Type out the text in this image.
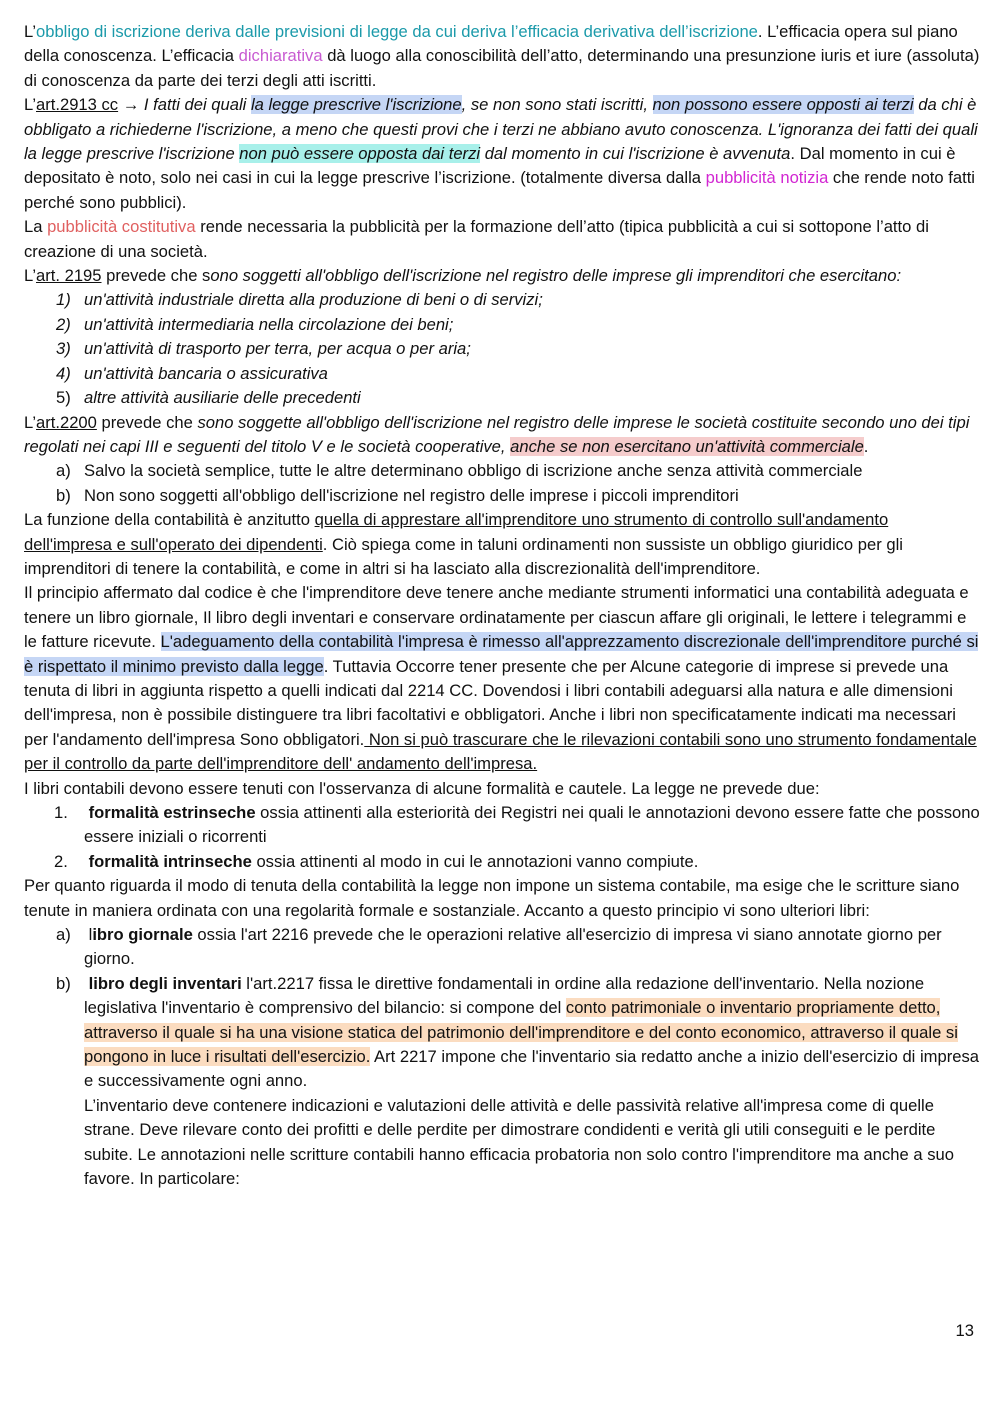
L’obbligo di iscrizione deriva dalle previsioni di legge da cui deriva l’efficacia derivativa dell’iscrizione. L’efficacia opera sul piano della conoscenza. L’efficacia dichiarativa dà luogo alla conoscibilità dell’atto, determinando una presunzione iuris et iure (assoluta) di conoscenza da parte dei terzi degli atti iscritti.

L’art.2913 cc → I fatti dei quali la legge prescrive l'iscrizione, se non sono stati iscritti, non possono essere opposti ai terzi da chi è obbligato a richiederne l'iscrizione, a meno che questi provi che i terzi ne abbiano avuto conoscenza. L'ignoranza dei fatti dei quali la legge prescrive l'iscrizione non può essere opposta dai terzi dal momento in cui l'iscrizione è avvenuta. Dal momento in cui è depositato è noto, solo nei casi in cui la legge prescrive l’iscrizione. (totalmente diversa dalla pubblicità notizia che rende noto fatti perché sono pubblici).

La pubblicità costitutiva rende necessaria la pubblicità per la formazione dell’atto (tipica pubblicità a cui si sottopone l’atto di creazione di una società.

L’art. 2195 prevede che sono soggetti all'obbligo dell'iscrizione nel registro delle imprese gli imprenditori che esercitano:

1) un'attività industriale diretta alla produzione di beni o di servizi;
2) un'attività intermediaria nella circolazione dei beni;
3) un'attività di trasporto per terra, per acqua o per aria;
4) un'attività bancaria o assicurativa
5) altre attività ausiliarie delle precedenti

L’art.2200 prevede che sono soggette all'obbligo dell'iscrizione nel registro delle imprese le società costituite secondo uno dei tipi regolati nei capi III e seguenti del titolo V e le società cooperative, anche se non esercitano un'attività commerciale.

a) Salvo la società semplice, tutte le altre determinano obbligo di iscrizione anche senza attività commerciale
b) Non sono soggetti all'obbligo dell'iscrizione nel registro delle imprese i piccoli imprenditori

La funzione della contabilità è anzitutto quella di apprestare all'imprenditore uno strumento di controllo sull'andamento dell'impresa e sull'operato dei dipendenti. Ciò spiega come in taluni ordinamenti non sussiste un obbligo giuridico per gli imprenditori di tenere la contabilità, e come in altri si ha lasciato alla discrezionalità dell'imprenditore.

Il principio affermato dal codice è che l'imprenditore deve tenere anche mediante strumenti informatici una contabilità adeguata e tenere un libro giornale, Il libro degli inventari e conservare ordinatamente per ciascun affare gli originali, le lettere i telegrammi e le fatture ricevute. L'adeguamento della contabilità l'impresa è rimesso all'apprezzamento discrezionale dell'imprenditore purché si è rispettato il minimo previsto dalla legge. Tuttavia Occorre tener presente che per Alcune categorie di imprese si prevede una tenuta di libri in aggiunta rispetto a quelli indicati dal 2214 CC. Dovendosi i libri contabili adeguarsi alla natura e alle dimensioni dell'impresa, non è possibile distinguere tra libri facoltativi e obbligatori. Anche i libri non specificatamente indicati ma necessari per l'andamento dell'impresa Sono obbligatori. Non si può trascurare che le rilevazioni contabili sono uno strumento fondamentale per il controllo da parte dell'imprenditore dell' andamento dell'impresa.

I libri contabili devono essere tenuti con l'osservanza di alcune formalità e cautele. La legge ne prevede due:

1. formalità estrinseche ossia attinenti alla esteriorità dei Registri nei quali le annotazioni devono essere fatte che possono essere iniziali o ricorrenti
2. formalità intrinseche ossia attinenti al modo in cui le annotazioni vanno compiute.

Per quanto riguarda il modo di tenuta della contabilità la legge non impone un sistema contabile, ma esige che le scritture siano tenute in maniera ordinata con una regolarità formale e sostanziale. Accanto a questo principio vi sono ulteriori libri:

a) libro giornale ossia l'art 2216 prevede che le operazioni relative all'esercizio di impresa vi siano annotate giorno per giorno.
b) libro degli inventari l'art.2217 fissa le direttive fondamentali in ordine alla redazione dell'inventario. Nella nozione legislativa l'inventario è comprensivo del bilancio: si compone del conto patrimoniale o inventario propriamente detto, attraverso il quale si ha una visione statica del patrimonio dell'imprenditore e del conto economico, attraverso il quale si pongono in luce i risultati dell'esercizio. Art 2217 impone che l'inventario sia redatto anche a inizio dell'esercizio di impresa e successivamente ogni anno.
L’inventario deve contenere indicazioni e valutazioni delle attività e delle passività relative all'impresa come di quelle strane. Deve rilevare conto dei profitti e delle perdite per dimostrare condidenti e verità gli utili conseguiti e le perdite subite. Le annotazioni nelle scritture contabili hanno efficacia probatoria non solo contro l'imprenditore ma anche a suo favore. In particolare:
13
